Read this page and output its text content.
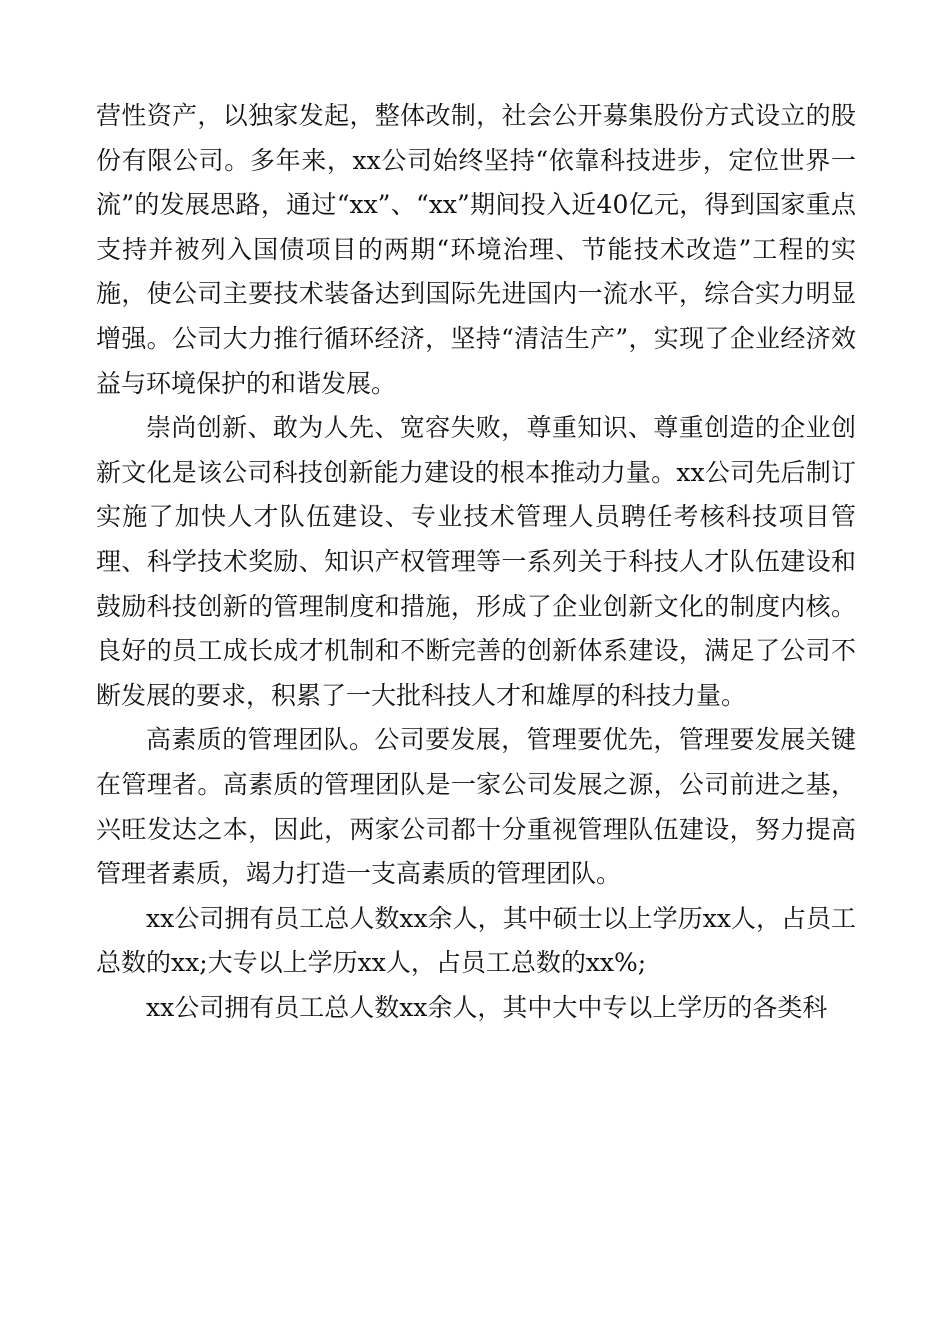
营性资产，以独家发起，整体改制，社会公开募集股份方式设立的股份有限公司。多年来，xx公司始终坚持“依靠科技进步，定位世界一流”的发展思路，通过“xx”、“xx”期间投入近40亿元，得到国家重点支持并被列入国债项目的两期“环境治理、节能技术改造”工程的实施，使公司主要技术装备达到国际先进国内一流水平，综合实力明显增强。公司大力推行循环经济，坚持“清洁生产”，实现了企业经济效益与环境保护的和谐发展。

崇尚创新、敢为人先、宽容失败，尊重知识、尊重创造的企业创新文化是该公司科技创新能力建设的根本推动力量。xx公司先后制订实施了加快人才队伍建设、专业技术管理人员聘任考核科技项目管理、科学技术奖励、知识产权管理等一系列关于科技人才队伍建设和鼓励科技创新的管理制度和措施，形成了企业创新文化的制度内核。良好的员工成长成才机制和不断完善的创新体系建设，满足了公司不断发展的要求，积累了一大批科技人才和雄厚的科技力量。

高素质的管理团队。公司要发展，管理要优先，管理要发展关键在管理者。高素质的管理团队是一家公司发展之源，公司前进之基，兴旺发达之本，因此，两家公司都十分重视管理队伍建设，努力提高管理者素质，竭力打造一支高素质的管理团队。

xx公司拥有员工总人数xx余人，其中硕士以上学历xx人，占员工总数的xx;大专以上学历xx人，占员工总数的xx%;

xx公司拥有员工总人数xx余人，其中大中专以上学历的各类科
